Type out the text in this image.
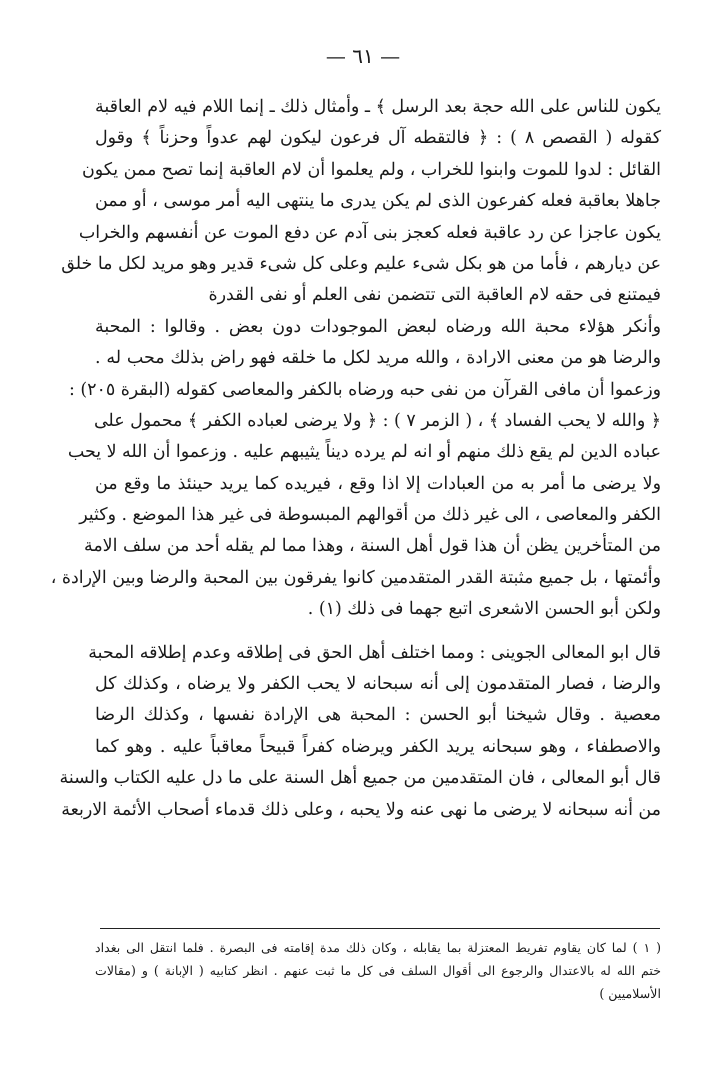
— ٦١ —
يكون للناس على الله حجة بعد الرسل ﴾ ـ وأمثال ذلك ـ إنما اللام فيه لام العاقبة
كقوله ( القصص ٨ ) : ﴿ فالتقطه آل فرعون ليكون لهم عدواً وحزناً ﴾ وقول
القائل : لدوا للموت وابنوا للخراب ، ولم يعلموا أن لام العاقبة إنما تصح ممن يكون
جاهلا بعاقبة فعله كفرعون الذى لم يكن يدرى ما ينتهى اليه أمر موسى ، أو ممن
يكون عاجزا عن رد عاقبة فعله كعجز بنى آدم عن دفع الموت عن أنفسهم والخراب
عن ديارهم ، فأما من هو بكل شىء عليم وعلى كل شىء قدير وهو مريد لكل ما خلق
فيمتنع فى حقه لام العاقبة التى تتضمن نفى العلم أو نفى القدرة
وأنكر هؤلاء محبة الله ورضاه لبعض الموجودات دون بعض . وقالوا : المحبة
والرضا هو من معنى الارادة ، والله مريد لكل ما خلقه فهو راض بذلك محب له .
وزعموا أن مافى القرآن من نفى حبه ورضاه بالكفر والمعاصى كقوله (البقرة ٢٠٥) :
﴿ والله لا يحب الفساد ﴾ ، ( الزمر ٧ ) : ﴿ ولا يرضى لعباده الكفر ﴾ محمول على
عباده الدين لم يقع ذلك منهم أو انه لم يرده ديناً يثيبهم عليه . وزعموا أن الله لا يحب
ولا يرضى ما أمر به من العبادات إلا اذا وقع ، فيريده كما يريد حينئذ ما وقع من
الكفر والمعاصى ، الى غير ذلك من أقوالهم المبسوطة فى غير هذا الموضع . وكثير
من المتأخرين يظن أن هذا قول أهل السنة ، وهذا مما لم يقله أحد من سلف الامة
وأئمتها ، بل جميع مثبتة القدر المتقدمين كانوا يفرقون بين المحبة والرضا وبين الإرادة ،
ولكن أبو الحسن الاشعرى اتبع جهما فى ذلك (١) .
قال ابو المعالى الجوينى : ومما اختلف أهل الحق فى إطلاقه وعدم إطلاقه المحبة
والرضا ، فصار المتقدمون إلى أنه سبحانه لا يحب الكفر ولا يرضاه ، وكذلك كل
معصية . وقال شيخنا أبو الحسن : المحبة هى الإرادة نفسها ، وكذلك الرضا
والاصطفاء ، وهو سبحانه يريد الكفر ويرضاه كفراً قبيحاً معاقباً عليه . وهو كما
قال أبو المعالى ، فان المتقدمين من جميع أهل السنة على ما دل عليه الكتاب والسنة
من أنه سبحانه لا يرضى ما نهى عنه ولا يحبه ، وعلى ذلك قدماء أصحاب الأئمة الاربعة
( ١ ) لما كان يقاوم تفريط المعتزلة بما يقابله ، وكان ذلك مدة إقامته فى البصرة . فلما انتقل الى بغداد
ختم الله له بالاعتدال والرجوع الى أقوال السلف فى كل ما ثبت عنهم . انظر كتابيه ( الإبانة ) و (مقالات
الأسلاميين )
